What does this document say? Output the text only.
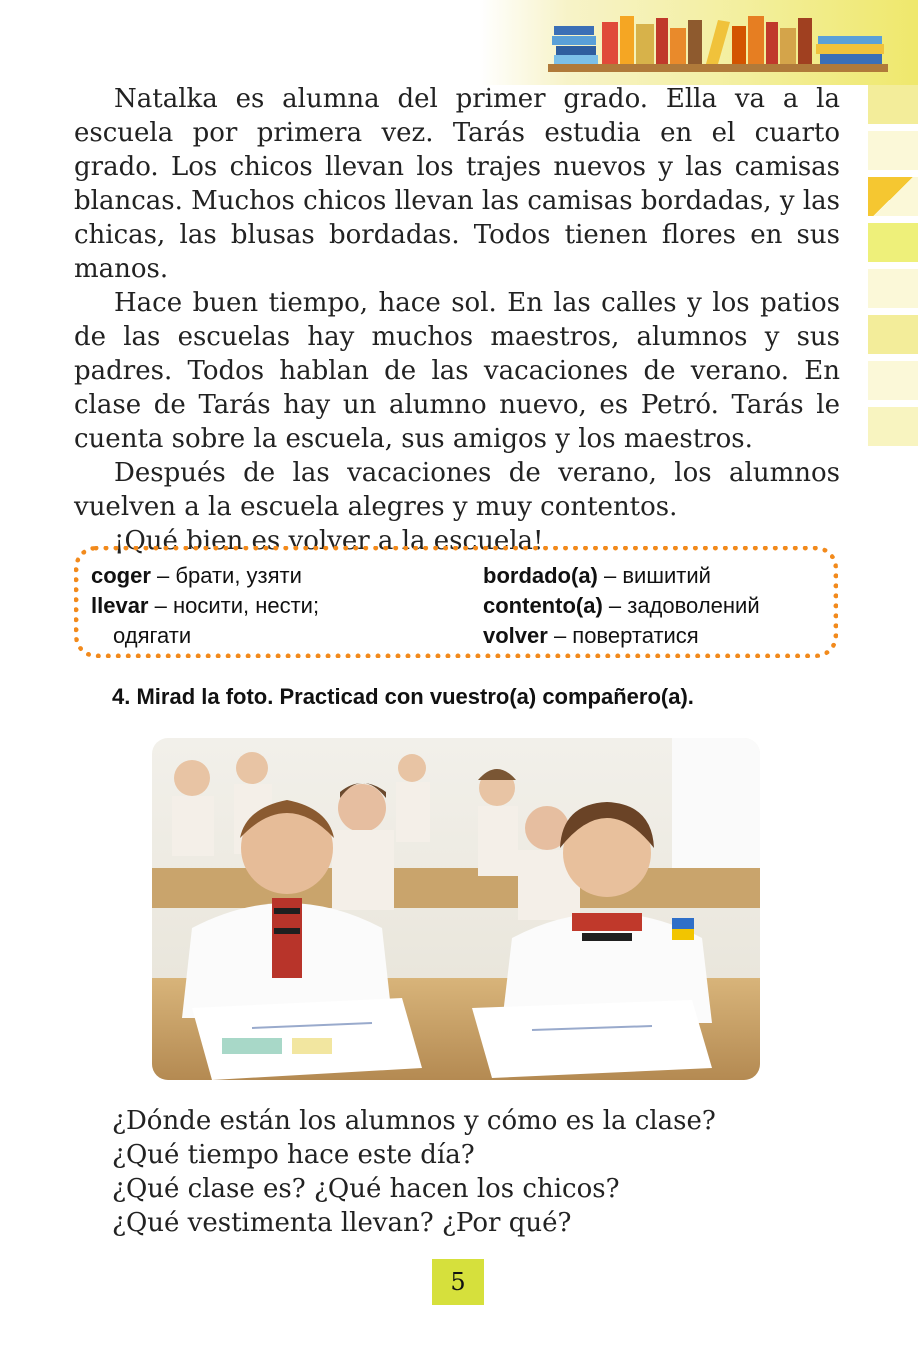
Natalka es alumna del primer grado. Ella va a la escuela por primera vez. Tarás estudia en el cuarto grado. Los chicos llevan los trajes nuevos y las camisas blancas. Muchos chicos llevan las camisas bordadas, y las chicas, las blusas bordadas. Todos tienen flores en sus manos.

Hace buen tiempo, hace sol. En las calles y los patios de las escuelas hay muchos maestros, alumnos y sus padres. Todos hablan de las vacaciones de verano. En clase de Tarás hay un alumno nuevo, es Petró. Tarás le cuenta sobre la escuela, sus amigos y los maestros.

Después de las vacaciones de verano, los alumnos vuelven a la escuela alegres y muy contentos.

¡Qué bien es volver a la escuela!

coger – брати, узяти
llevar – носити, нести;
одягати
bordado(a) – вишитий
contento(a) – задоволений
volver – повертатися
4. Mirad la foto. Practicad con vuestro(a) compañero(a).
¿Dónde están los alumnos y cómo es la clase?
¿Qué tiempo hace este día?
¿Qué clase es? ¿Qué hacen los chicos?
¿Qué vestimenta llevan? ¿Por qué?
5
